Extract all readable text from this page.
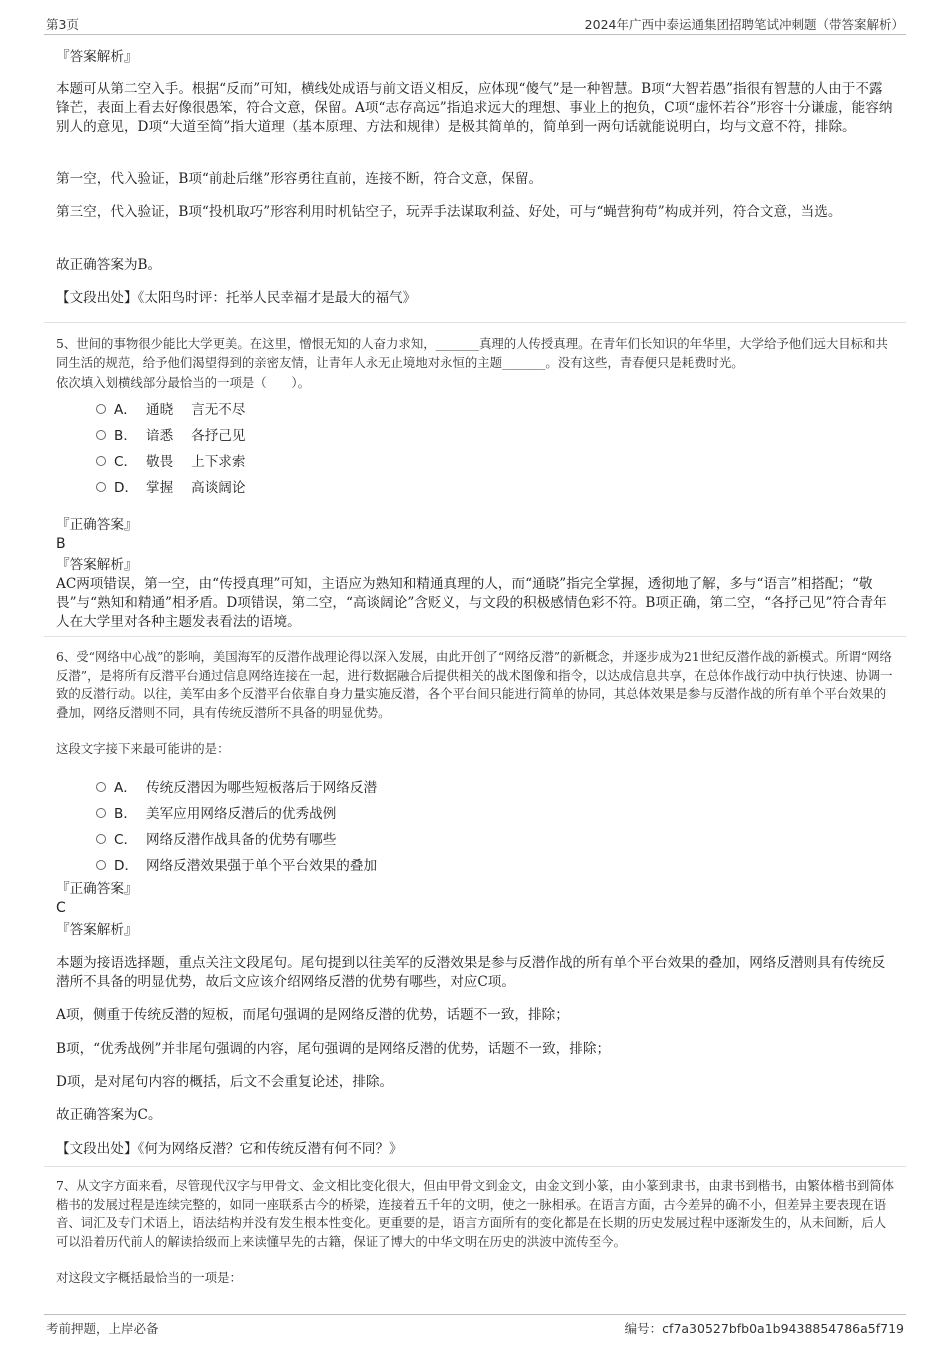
第3页	2024年广西中泰运通集团招聘笔试冲刺题（带答案解析）

『答案解析』

本题可从第二空入手。根据“反而”可知，横线处成语与前文语义相反，应体现“傻气”是一种智慧。B项“大智若愚”指很有智慧的人由于不露锋芒，表面上看去好像很愚笨，符合文意，保留。A项“志存高远”指追求远大的理想、事业上的抱负，C项“虚怀若谷”形容十分谦虚，能容纳别人的意见，D项“大道至简”指大道理（基本原理、方法和规律）是极其简单的，简单到一两句话就能说明白，均与文意不符，排除。

第一空，代入验证，B项“前赴后继”形容勇往直前，连接不断，符合文意，保留。

第三空，代入验证，B项“投机取巧”形容利用时机钻空子，玩弄手法谋取利益、好处，可与“蝇营狗苟”构成并列，符合文意，当选。

故正确答案为B。

【文段出处】《太阳鸟时评：托举人民幸福才是最大的福气》

5、世间的事物很少能比大学更美。在这里，憎恨无知的人奋力求知，_______真理的人传授真理。在青年们长知识的年华里，大学给予他们远大目标和共同生活的规范，给予他们渴望得到的亲密友情，让青年人永无止境地对永恒的主题_______。没有这些，青春便只是耗费时光。

依次填入划横线部分最恰当的一项是（　　）。

A． 通晓　 言无不尽
B． 谙悉　 各抒己见
C． 敬畏　 上下求索
D． 掌握　 高谈阔论

『正确答案』

B

『答案解析』

AC两项错误，第一空，由“传授真理”可知，主语应为熟知和精通真理的人，而“通晓”指完全掌握，透彻地了解，多与“语言”相搭配；“敬畏”与“熟知和精通”相矛盾。D项错误，第二空，“高谈阔论”含贬义，与文段的积极感情色彩不符。B项正确，第二空，“各抒己见”符合青年人在大学里对各种主题发表看法的语境。

6、受“网络中心战”的影响，美国海军的反潜作战理论得以深入发展，由此开创了“网络反潜”的新概念，并逐步成为21世纪反潜作战的新模式。所谓“网络反潜”，是将所有反潜平台通过信息网络连接在一起，进行数据融合后提供相关的战术图像和指令，以达成信息共享，在总体作战行动中执行快速、协调一致的反潜行动。以往，美军由多个反潜平台依靠自身力量实施反潜，各个平台间只能进行简单的协同，其总体效果是参与反潜作战的所有单个平台效果的叠加，网络反潜则不同，具有传统反潜所不具备的明显优势。

这段文字接下来最可能讲的是：

A． 传统反潜因为哪些短板落后于网络反潜
B． 美军应用网络反潜后的优秀战例
C． 网络反潜作战具备的优势有哪些
D． 网络反潜效果强于单个平台效果的叠加

『正确答案』

C

『答案解析』

本题为接语选择题，重点关注文段尾句。尾句提到以往美军的反潜效果是参与反潜作战的所有单个平台效果的叠加，网络反潜则具有传统反潜所不具备的明显优势，故后文应该介绍网络反潜的优势有哪些，对应C项。

A项，侧重于传统反潜的短板，而尾句强调的是网络反潜的优势，话题不一致，排除；

B项，“优秀战例”并非尾句强调的内容，尾句强调的是网络反潜的优势，话题不一致，排除；

D项，是对尾句内容的概括，后文不会重复论述，排除。

故正确答案为C。

【文段出处】《何为网络反潜？它和传统反潜有何不同？》

7、从文字方面来看，尽管现代汉字与甲骨文、金文相比变化很大，但由甲骨文到金文，由金文到小篆，由小篆到隶书，由隶书到楷书，由繁体楷书到简体楷书的发展过程是连续完整的，如同一座联系古今的桥梁，连接着五千年的文明，使之一脉相承。在语言方面，古今差异的确不小，但差异主要表现在语音、词汇及专门术语上，语法结构并没有发生根本性变化。更重要的是，语言方面所有的变化都是在长期的历史发展过程中逐渐发生的，从未间断，后人可以沿着历代前人的解读拾级而上来读懂早先的古籍，保证了博大的中华文明在历史的洪波中流传至今。

对这段文字概括最恰当的一项是：

考前押题，上岸必备	编号：cf7a30527bfb0a1b9438854786a5f719
